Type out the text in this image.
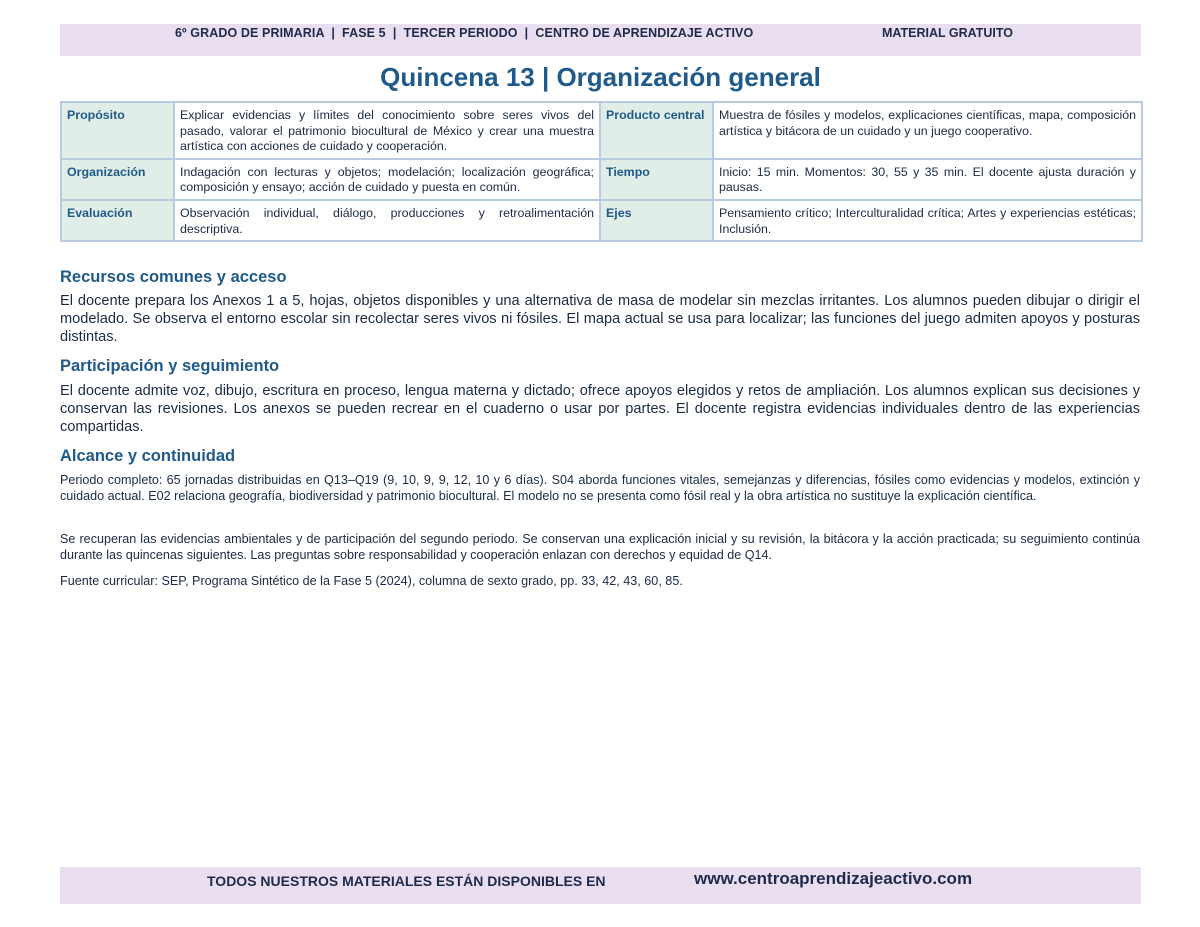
6º GRADO DE PRIMARIA  |  FASE 5  |  TERCER PERIODO  |  CENTRO DE APRENDIZAJE ACTIVO	MATERIAL GRATUITO
Quincena 13 | Organización general
Propósito	Explicar evidencias y límites del conocimiento sobre seres vivos del pasado, valorar el patrimonio biocultural de México y crear una muestra artística con acciones de cuidado y cooperación.	Producto central	Muestra de fósiles y modelos, explicaciones científicas, mapa, composición artística y bitácora de un cuidado y un juego cooperativo.
Organización	Indagación con lecturas y objetos; modelación; localización geográfica; composición y ensayo; acción de cuidado y puesta en común.	Tiempo	Inicio: 15 min. Momentos: 30, 55 y 35 min. El docente ajusta duración y pausas.
Evaluación	Observación individual, diálogo, producciones y retroalimentación descriptiva.	Ejes	Pensamiento crítico; Interculturalidad crítica; Artes y experiencias estéticas; Inclusión.
Recursos comunes y acceso
El docente prepara los Anexos 1 a 5, hojas, objetos disponibles y una alternativa de masa de modelar sin mezclas irritantes. Los alumnos pueden dibujar o dirigir el modelado. Se observa el entorno escolar sin recolectar seres vivos ni fósiles. El mapa actual se usa para localizar; las funciones del juego admiten apoyos y posturas distintas.
Participación y seguimiento
El docente admite voz, dibujo, escritura en proceso, lengua materna y dictado; ofrece apoyos elegidos y retos de ampliación. Los alumnos explican sus decisiones y conservan las revisiones. Los anexos se pueden recrear en el cuaderno o usar por partes. El docente registra evidencias individuales dentro de las experiencias compartidas.
Alcance y continuidad
Periodo completo: 65 jornadas distribuidas en Q13–Q19 (9, 10, 9, 9, 12, 10 y 6 días). S04 aborda funciones vitales, semejanzas y diferencias, fósiles como evidencias y modelos, extinción y cuidado actual. E02 relaciona geografía, biodiversidad y patrimonio biocultural. El modelo no se presenta como fósil real y la obra artística no sustituye la explicación científica.
Se recuperan las evidencias ambientales y de participación del segundo periodo. Se conservan una explicación inicial y su revisión, la bitácora y la acción practicada; su seguimiento continúa durante las quincenas siguientes. Las preguntas sobre responsabilidad y cooperación enlazan con derechos y equidad de Q14.
Fuente curricular: SEP, Programa Sintético de la Fase 5 (2024), columna de sexto grado, pp. 33, 42, 43, 60, 85.
TODOS NUESTROS MATERIALES ESTÁN DISPONIBLES EN	www.centroaprendizajeactivo.com
